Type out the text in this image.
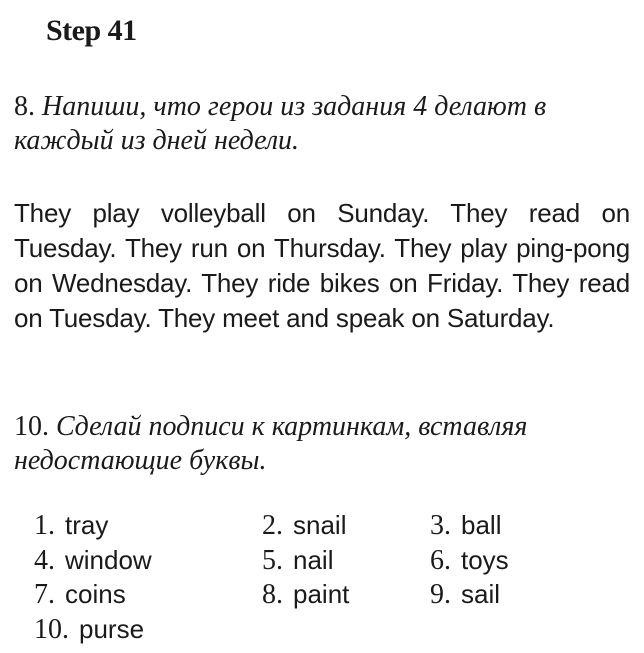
Step 41
8. Напиши, что герои из задания 4 делают в каждый из дней недели.
They play volleyball on Sunday. They read on Tuesday. They run on Thursday. They play ping-pong on Wednesday. They ride bikes on Friday. They read on Tuesday. They meet and speak on Saturday.
10. Сделай подписи к картинкам, вставляя недостающие буквы.
1. tray	2. snail	3. ball
4. window	5. nail	6. toys
7. coins	8. paint	9. sail
10. purse
